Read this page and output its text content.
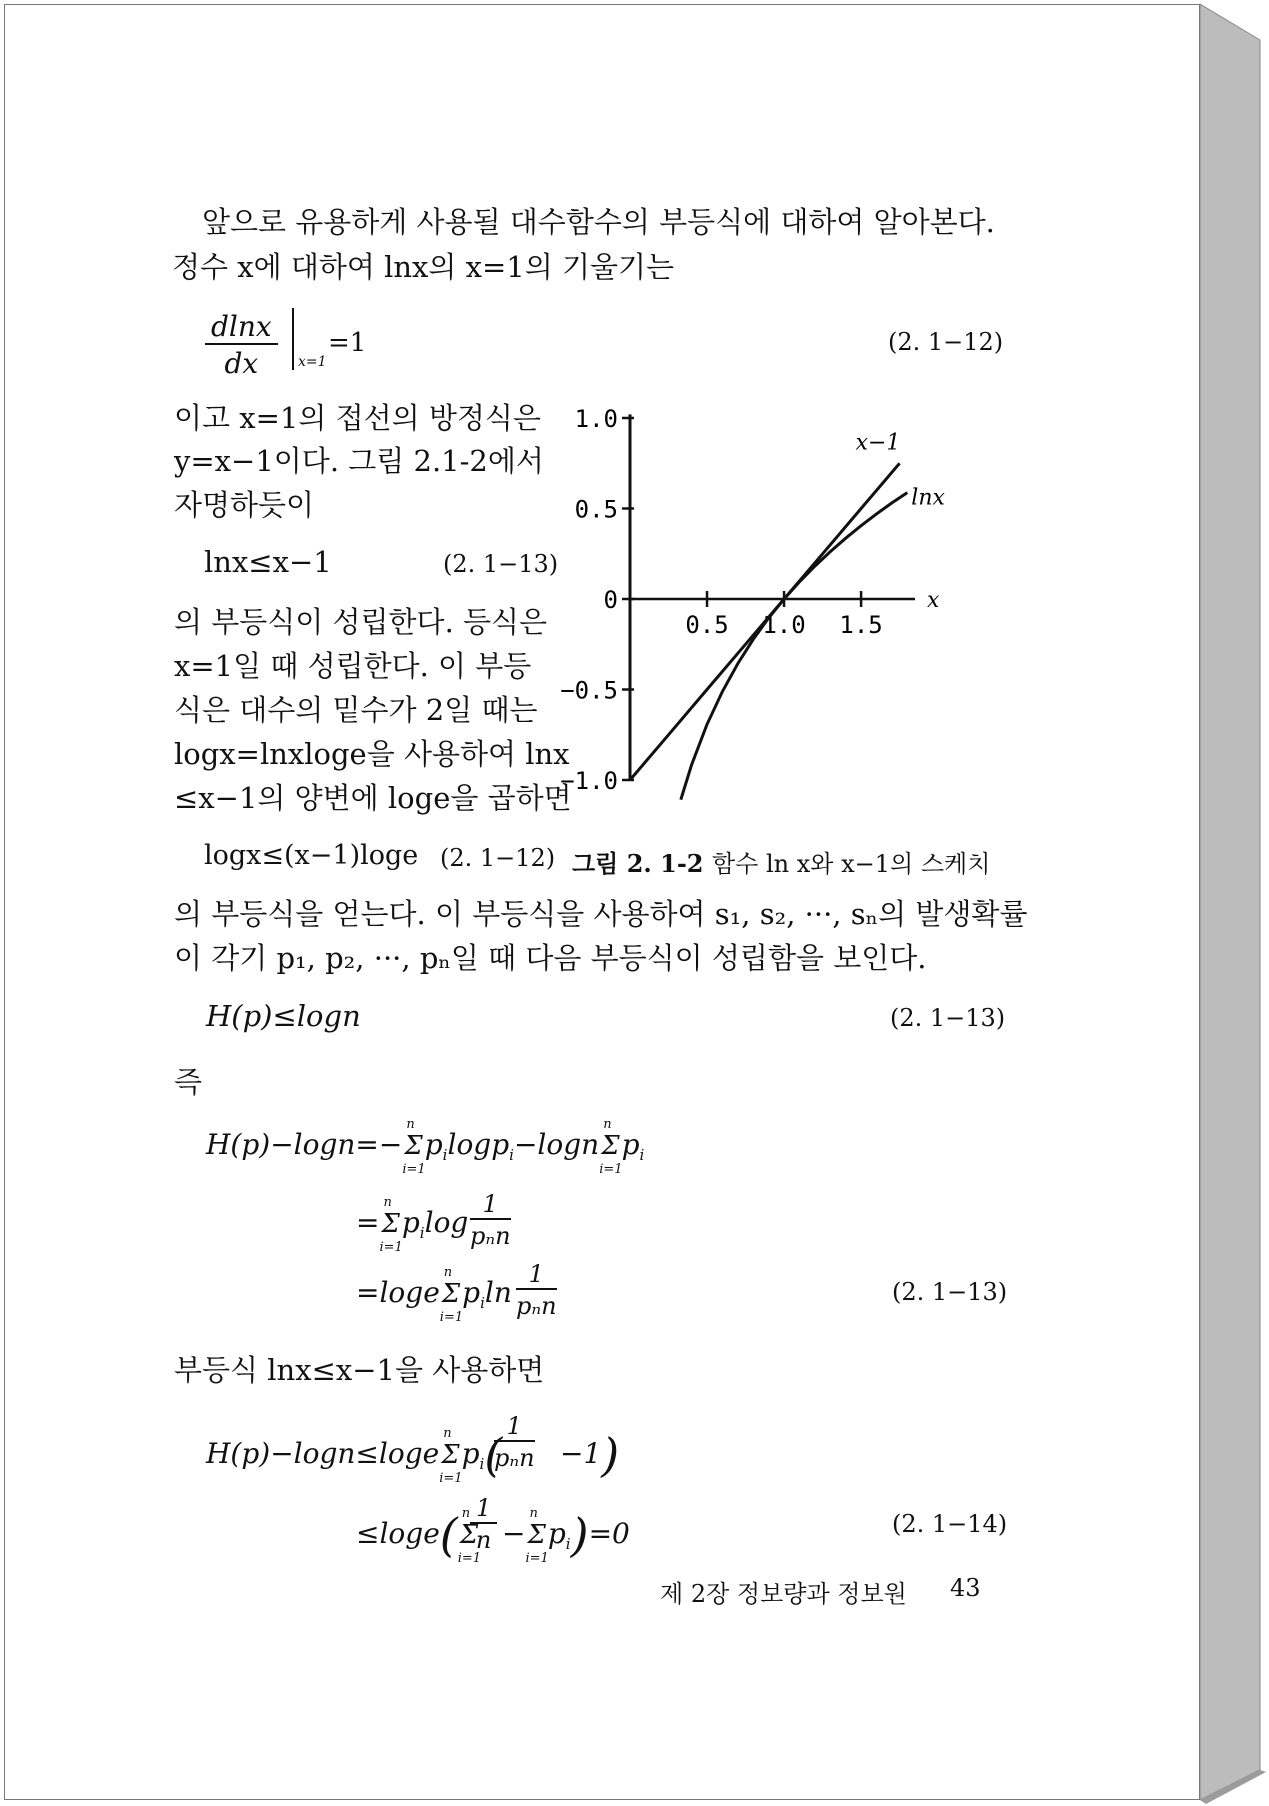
앞으로 유용하게 사용될 대수함수의 부등식에 대하여 알아본다.
정수 x에 대하여 lnx의 x=1의 기울기는
$\frac{dlnx}{dx} x=1$
=1	(2. 1−12)
이고 x=1의 접선의 방정식은
y=x−1이다. 그림 2.1-2에서
자명하듯이
lnx≤x−1	(2. 1−13)
의 부등식이 성립한다. 등식은
x=1일 때 성립한다. 이 부등
식은 대수의 밑수가 2일 때는
logx=lnxloge을 사용하여 lnx
≤x−1의 양변에 loge을 곱하면
0.5 1.0 1.5
1.0
0.5
0
−0.5
−1.0
x
x−1
lnx
logx≤(x−1)loge (2. 1−12) 그림 2. 1-2 함수 ln x와 x−1의 스케치
의 부등식을 얻는다. 이 부등식을 사용하여 s₁, s₂, ···, sₙ의 발생확률
이 각기 p₁, p₂, ···, pₙ일 때 다음 부등식이 성립함을 보인다.
H(p)≤logn	(2. 1−13)
즉
H(p)−logn=−Σ
n
i=1
$p_i\log p_i-\log n\Sigma$
n
i=1
$p_i$
=Σ
n
i=1
$p_i\log$
1
pₙn
=logeΣ
n
i=1
$p_i\ln$
1
pₙn	(2. 1−13)
부등식 lnx≤x−1을 사용하면
H(p)−logn≤logeΣ
n
i=1
$p_i$(
1
pₙn −1)
≤loge(Σ
n
i=1
$\frac{1}{n} -\Sigma$
n
i=1
$p_i)=0$	(2. 1−14)
제 2장 정보량과 정보원 43
